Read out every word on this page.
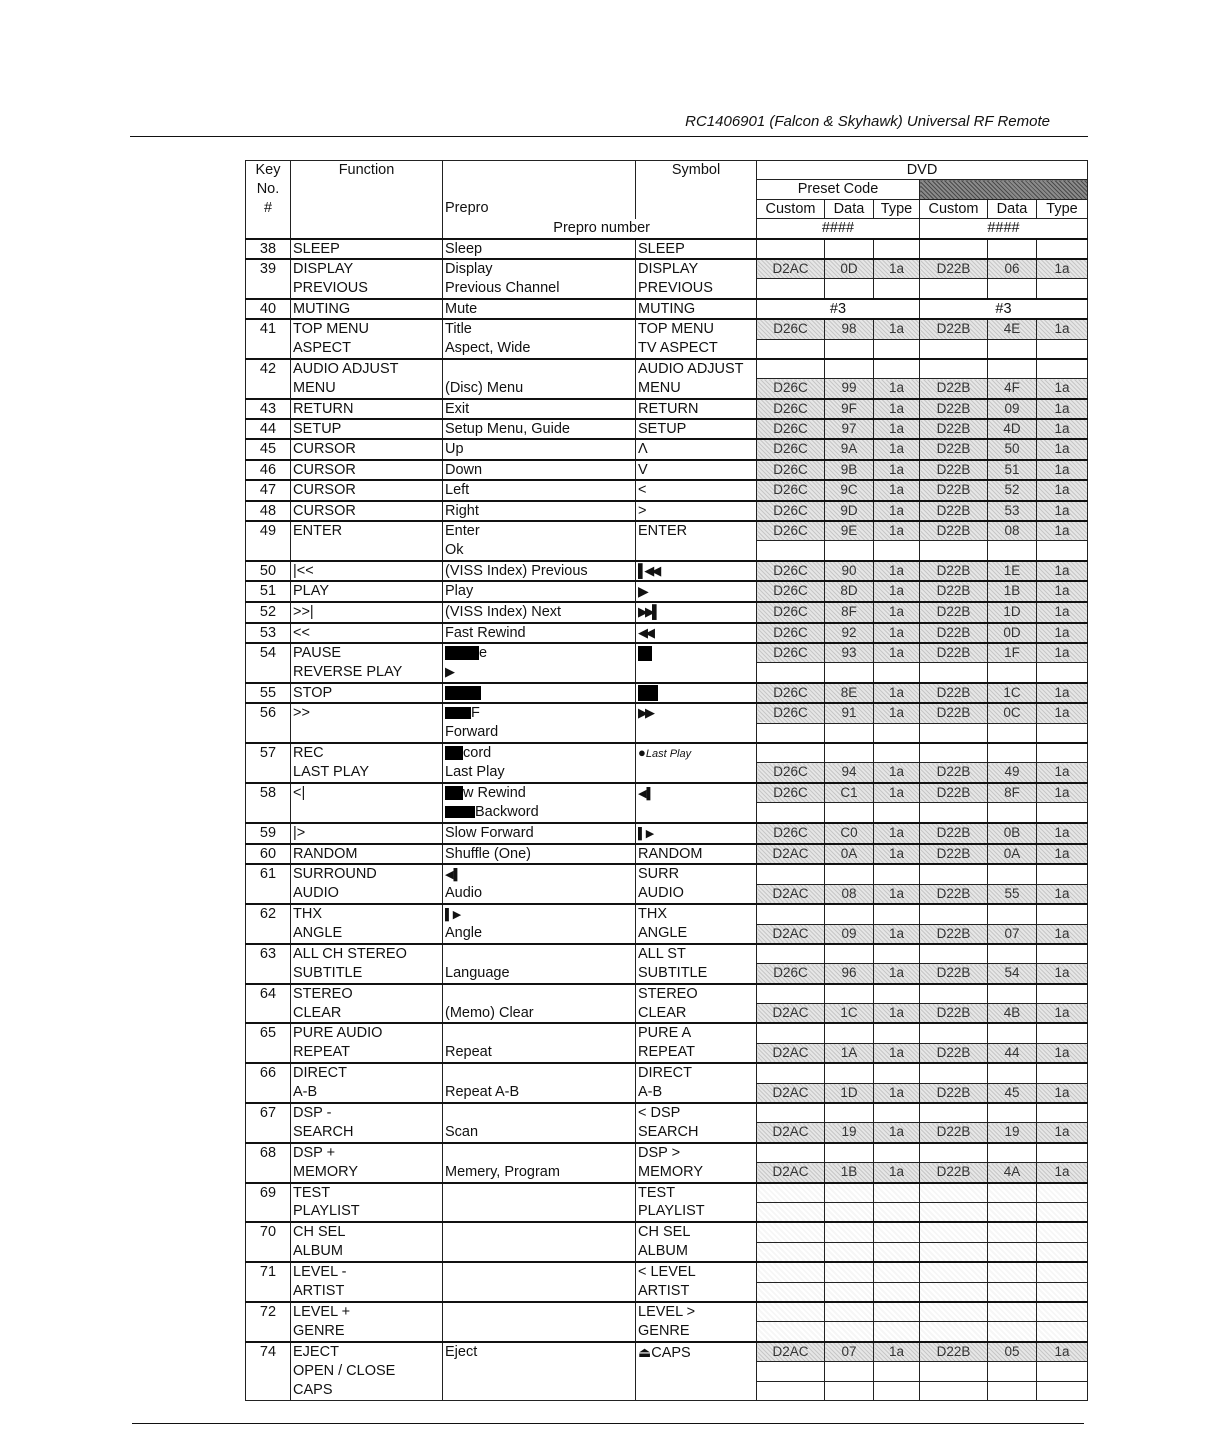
RC1406901 (Falcon & Skyhawk) Universal RF Remote
Key	Function		Symbol	DVD					
No.				Preset Code					
#		Prepro		Custom	Data	Type	Custom	Data	Type
		Prepro number		####			####		
38	SLEEP	Sleep	SLEEP						
39	DISPLAY	Display	DISPLAY	D2AC	0D	1a	D22B	06	1a
	PREVIOUS	Previous Channel	PREVIOUS						
40	MUTING	Mute	MUTING	#3			#3		
41	TOP MENU	Title	TOP MENU	D26C	98	1a	D22B	4E	1a
	ASPECT	Aspect, Wide	TV ASPECT						
42	AUDIO ADJUST		AUDIO ADJUST						
	MENU	(Disc) Menu	MENU	D26C	99	1a	D22B	4F	1a
43	RETURN	Exit	RETURN	D26C	9F	1a	D22B	09	1a
44	SETUP	Setup Menu, Guide	SETUP	D26C	97	1a	D22B	4D	1a
45	CURSOR	Up	Λ	D26C	9A	1a	D22B	50	1a
46	CURSOR	Down	V	D26C	9B	1a	D22B	51	1a
47	CURSOR	Left	<	D26C	9C	1a	D22B	52	1a
48	CURSOR	Right	>	D26C	9D	1a	D22B	53	1a
49	ENTER	Enter	ENTER	D26C	9E	1a	D22B	08	1a
		Ok							
50	|<<	(VISS Index) Previous	▌◀◀	D26C	90	1a	D22B	1E	1a
51	PLAY	Play	▶	D26C	8D	1a	D22B	1B	1a
52	>>|	(VISS Index) Next	▶▶▌	D26C	8F	1a	D22B	1D	1a
53	<<	Fast Rewind	◀◀	D26C	92	1a	D22B	0D	1a
54	PAUSE	e		D26C	93	1a	D22B	1F	1a
	REVERSE PLAY	▶							
55	STOP			D26C	8E	1a	D22B	1C	1a
56	>>	F	▶▶	D26C	91	1a	D22B	0C	1a
		Forward							
57	REC	cord	●Last Play						
	LAST PLAY	Last Play		D26C	94	1a	D22B	49	1a
58	<|	w Rewind	◀▌	D26C	C1	1a	D22B	8F	1a
		Backword							
59	|>	Slow Forward	▌▶	D26C	C0	1a	D22B	0B	1a
60	RANDOM	Shuffle (One)	RANDOM	D2AC	0A	1a	D22B	0A	1a
61	SURROUND	◀▌	SURR						
	AUDIO	Audio	AUDIO	D2AC	08	1a	D22B	55	1a
62	THX	▌▶	THX						
	ANGLE	Angle	ANGLE	D2AC	09	1a	D22B	07	1a
63	ALL CH STEREO		ALL ST						
	SUBTITLE	Language	SUBTITLE	D26C	96	1a	D22B	54	1a
64	STEREO		STEREO						
	CLEAR	(Memo) Clear	CLEAR	D2AC	1C	1a	D22B	4B	1a
65	PURE AUDIO		PURE A						
	REPEAT	Repeat	REPEAT	D2AC	1A	1a	D22B	44	1a
66	DIRECT		DIRECT						
	A-B	Repeat A-B	A-B	D2AC	1D	1a	D22B	45	1a
67	DSP -		< DSP						
	SEARCH	Scan	SEARCH	D2AC	19	1a	D22B	19	1a
68	DSP +		DSP >						
	MEMORY	Memery, Program	MEMORY	D2AC	1B	1a	D22B	4A	1a
69	TEST		TEST						
	PLAYLIST		PLAYLIST						
70	CH SEL		CH SEL						
	ALBUM		ALBUM						
71	LEVEL -		< LEVEL						
	ARTIST		ARTIST						
72	LEVEL +		LEVEL >						
	GENRE		GENRE						
74	EJECT	Eject	⏏CAPS	D2AC	07	1a	D22B	05	1a
	OPEN / CLOSE								
	CAPS								
